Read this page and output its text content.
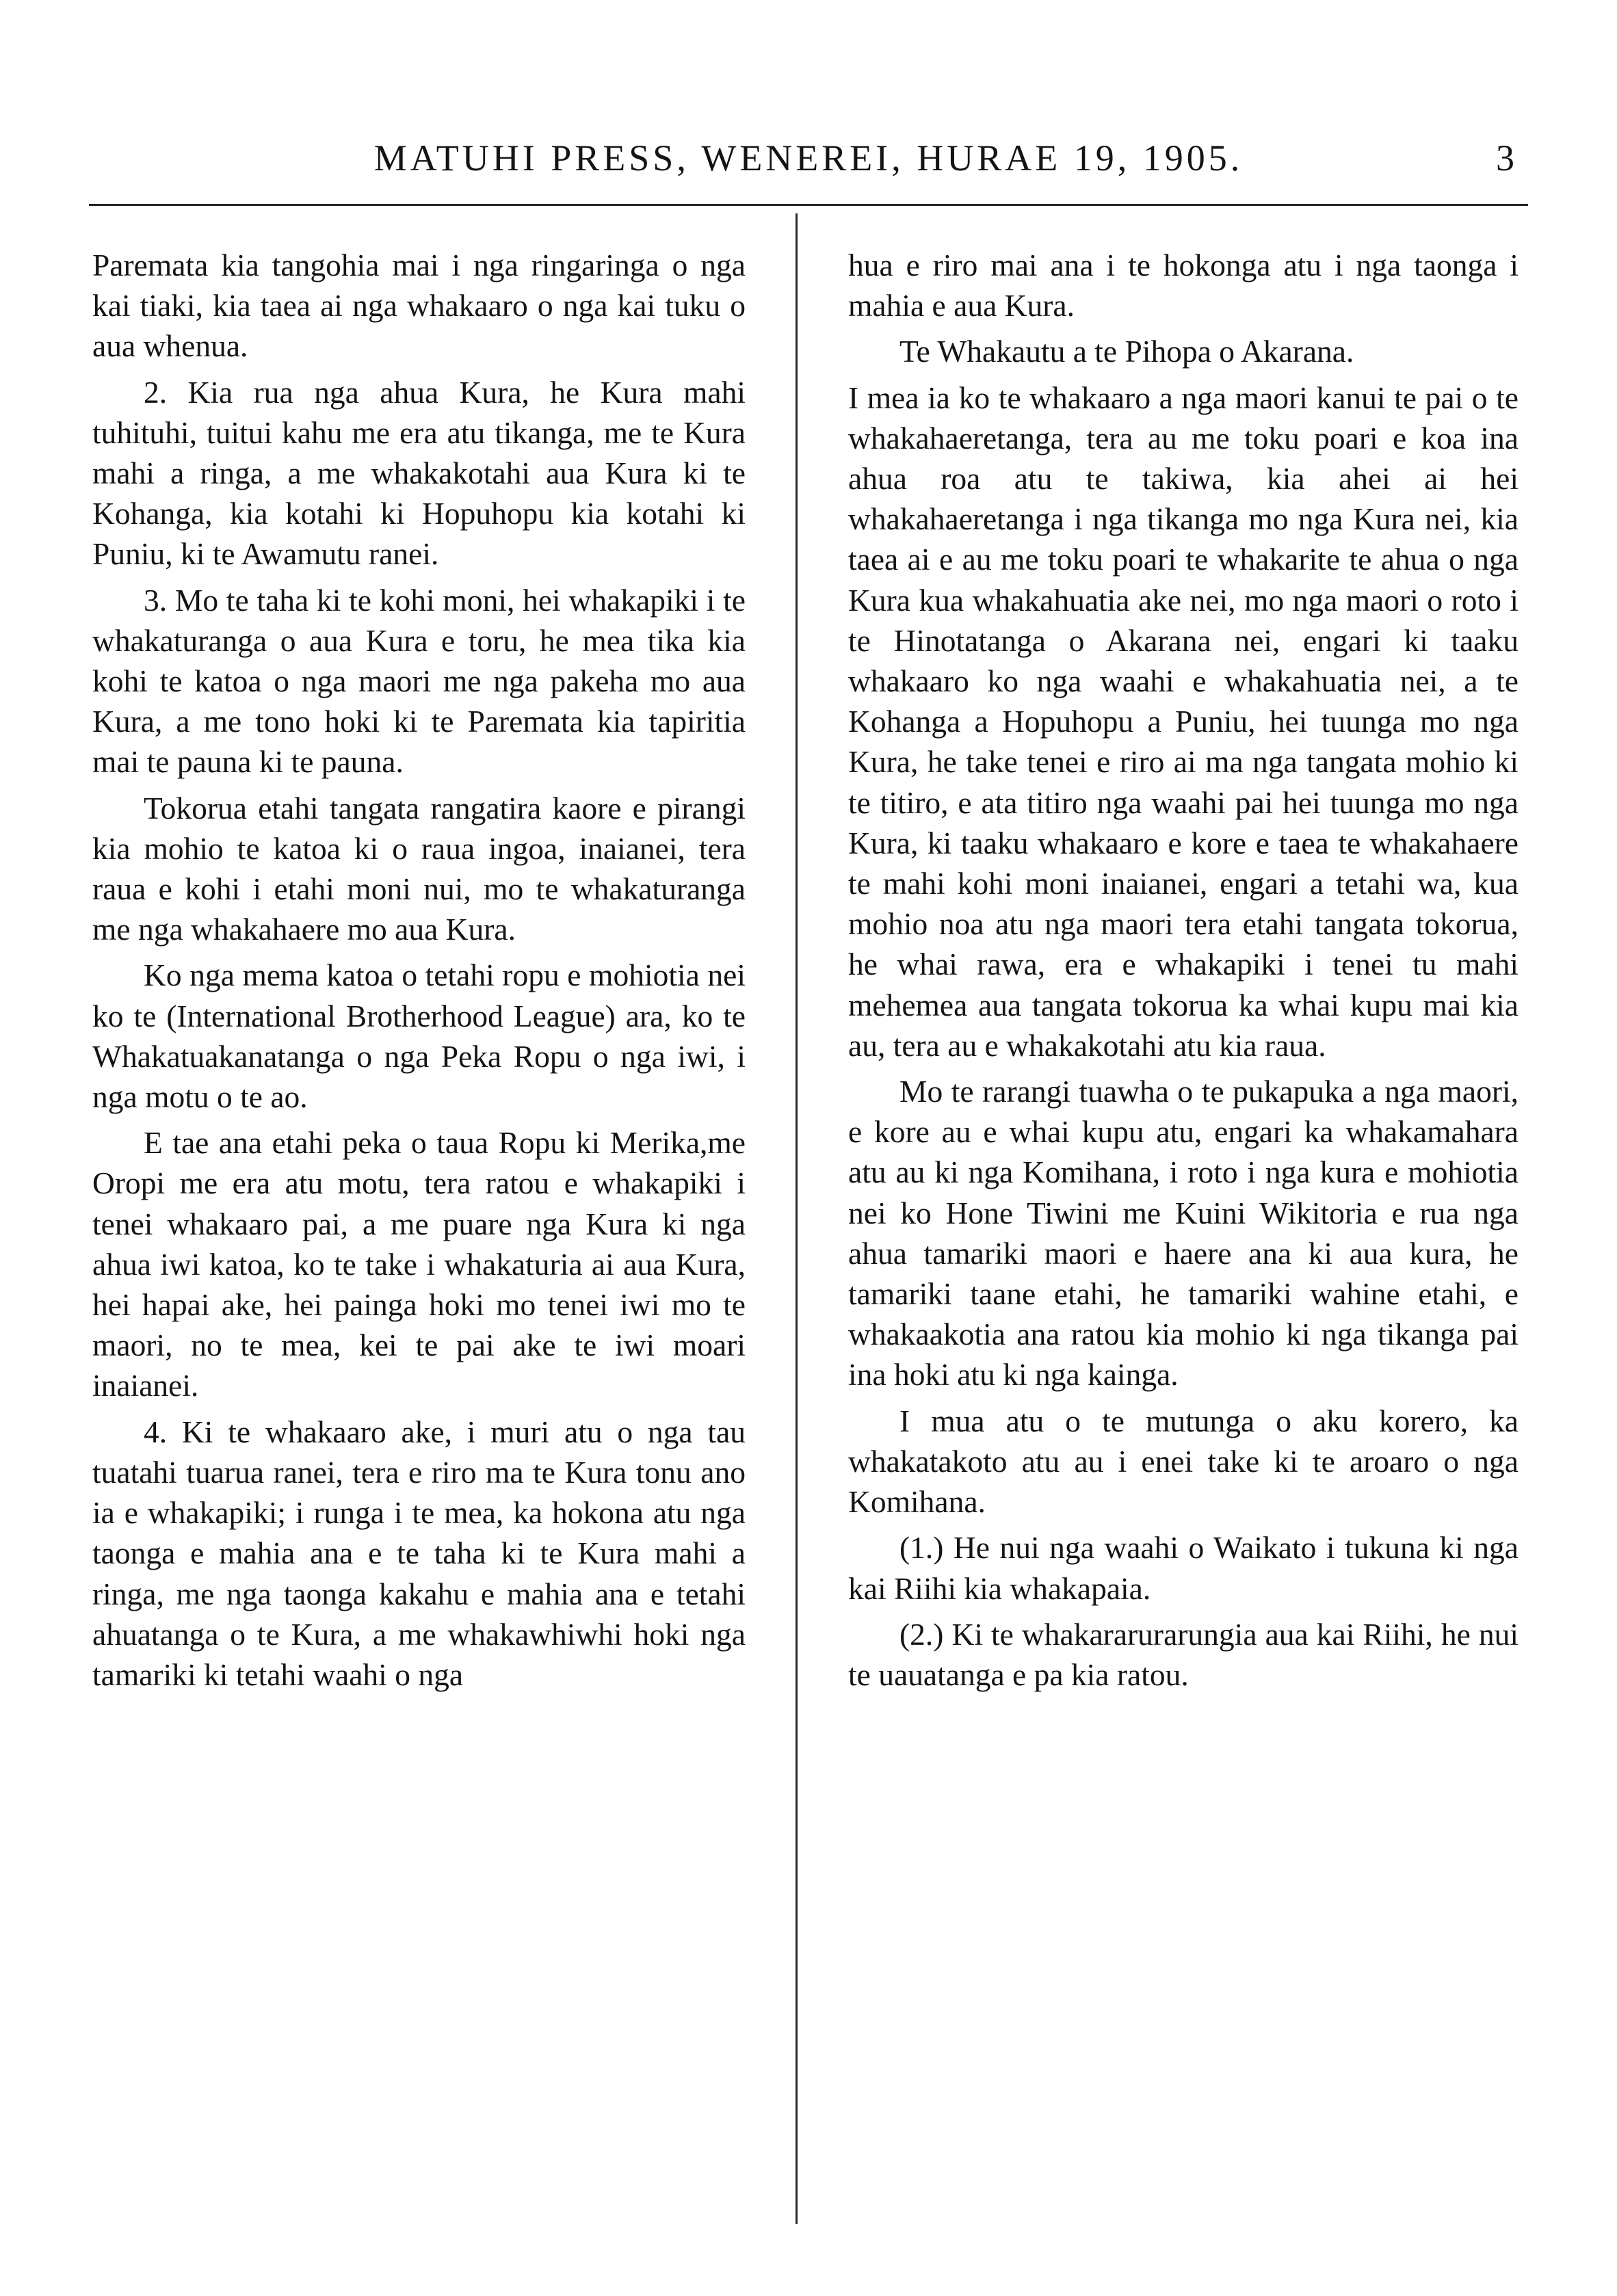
MATUHI PRESS, WENEREI, HURAE 19, 1905.	3

Paremata kia tangohia mai i nga ringaringa o nga kai tiaki, kia taea ai nga whakaaro o nga kai tuku o aua whenua.

2. Kia rua nga ahua Kura, he Kura mahi tuhituhi, tuitui kahu me era atu tikanga, me te Kura mahi a ringa, a me whakakotahi aua Kura ki te Kohanga, kia kotahi ki Hopuhopu kia kotahi ki Puniu, ki te Awamutu ranei.

3. Mo te taha ki te kohi moni, hei whakapiki i te whakaturanga o aua Kura e toru, he mea tika kia kohi te katoa o nga maori me nga pakeha mo aua Kura, a me tono hoki ki te Paremata kia tapiritia mai te pauna ki te pauna.

Tokorua etahi tangata rangatira kaore e pirangi kia mohio te katoa ki o raua ingoa, inaianei, tera raua e kohi i etahi moni nui, mo te whakaturanga me nga whakahaere mo aua Kura.

Ko nga mema katoa o tetahi ropu e mohiotia nei ko te (International Brotherhood League) ara, ko te Whakatuakanatanga o nga Peka Ropu o nga iwi, i nga motu o te ao.

E tae ana etahi peka o taua Ropu ki Merika,me Oropi me era atu motu, tera ratou e whakapiki i tenei whakaaro pai, a me puare nga Kura ki nga ahua iwi katoa, ko te take i whakaturia ai aua Kura, hei hapai ake, hei painga hoki mo tenei iwi mo te maori, no te mea, kei te pai ake te iwi moari inaianei.

4. Ki te whakaaro ake, i muri atu o nga tau tuatahi tuarua ranei, tera e riro ma te Kura tonu ano ia e whakapiki; i runga i te mea, ka hokona atu nga taonga e mahia ana e te taha ki te Kura mahi a ringa, me nga taonga kakahu e mahia ana e tetahi ahuatanga o te Kura, a me whakawhiwhi hoki nga tamariki ki tetahi waahi o nga

hua e riro mai ana i te hokonga atu i nga taonga i mahia e aua Kura.

Te Whakautu a te Pihopa o Akarana.

I mea ia ko te whakaaro a nga maori kanui te pai o te whakahaeretanga, tera au me toku poari e koa ina ahua roa atu te takiwa, kia ahei ai hei whakahaeretanga i nga tikanga mo nga Kura nei, kia taea ai e au me toku poari te whakarite te ahua o nga Kura kua whakahuatia ake nei, mo nga maori o roto i te Hinotatanga o Akarana nei, engari ki taaku whakaaro ko nga waahi e whakahuatia nei, a te Kohanga a Hopuhopu a Puniu, hei tuunga mo nga Kura, he take tenei e riro ai ma nga tangata mohio ki te titiro, e ata titiro nga waahi pai hei tuunga mo nga Kura, ki taaku whakaaro e kore e taea te whakahaere te mahi kohi moni inaianei, engari a tetahi wa, kua mohio noa atu nga maori tera etahi tangata tokorua, he whai rawa, era e whakapiki i tenei tu mahi mehemea aua tangata tokorua ka whai kupu mai kia au, tera au e whakakotahi atu kia raua.

Mo te rarangi tuawha o te pukapuka a nga maori, e kore au e whai kupu atu, engari ka whakamahara atu au ki nga Komihana, i roto i nga kura e mohiotia nei ko Hone Tiwini me Kuini Wikitoria e rua nga ahua tamariki maori e haere ana ki aua kura, he tamariki taane etahi, he tamariki wahine etahi, e whakaakotia ana ratou kia mohio ki nga tikanga pai ina hoki atu ki nga kainga.

I mua atu o te mutunga o aku korero, ka whakatakoto atu au i enei take ki te aroaro o nga Komihana.

(1.) He nui nga waahi o Waikato i tukuna ki nga kai Riihi kia whakapaia.

(2.) Ki te whakararurarungia aua kai Riihi, he nui te uauatanga e pa kia ratou.
